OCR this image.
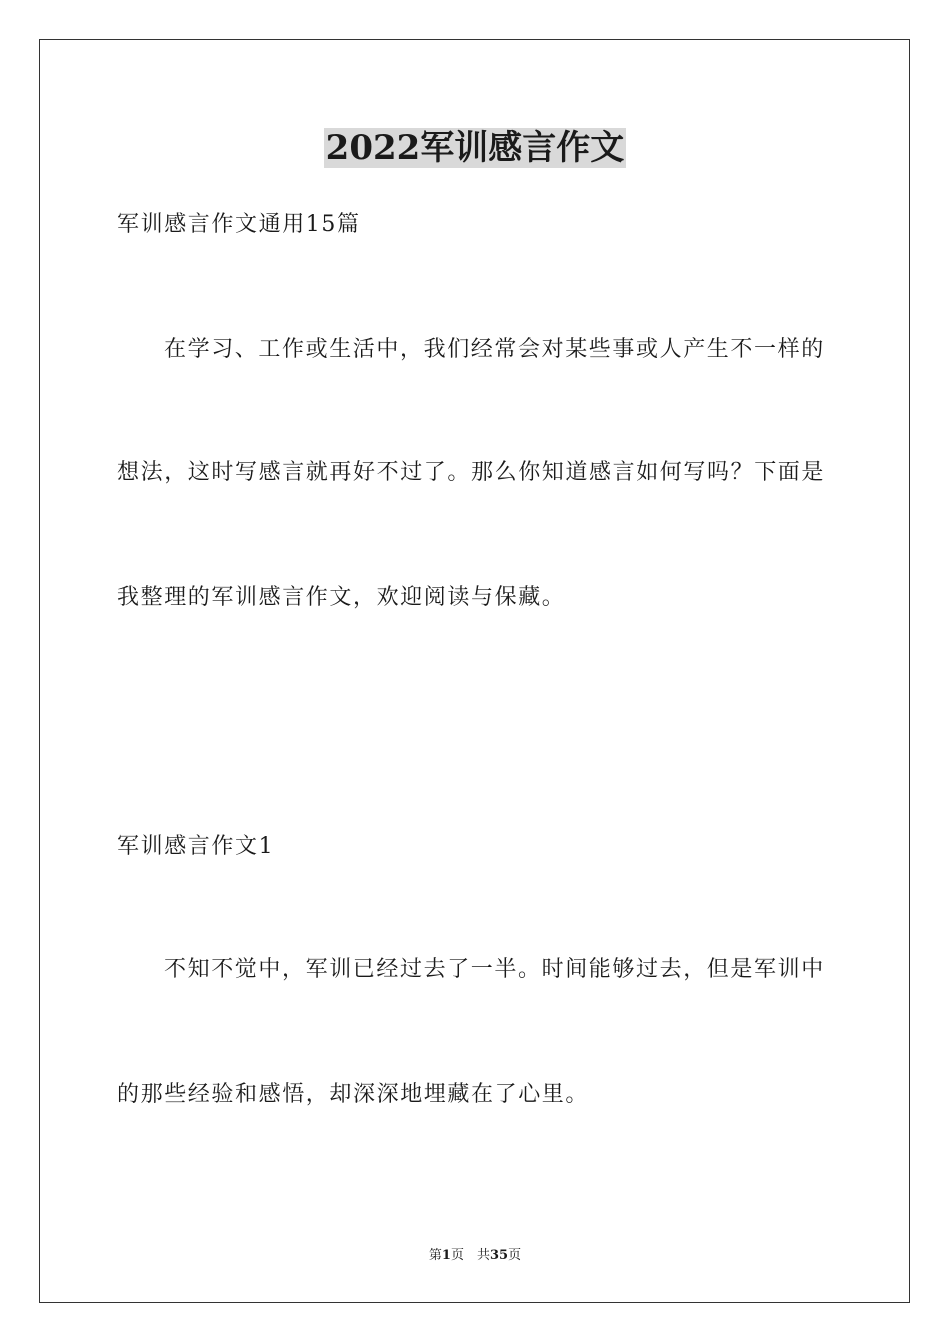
2022军训感言作文
军训感言作文通用15篇
在学习、工作或生活中，我们经常会对某些事或人产生不一样的
想法，这时写感言就再好不过了。那么你知道感言如何写吗？下面是
我整理的军训感言作文，欢迎阅读与保藏。
军训感言作文1
不知不觉中，军训已经过去了一半。时间能够过去，但是军训中
的那些经验和感悟，却深深地埋藏在了心里。
第1页　共35页
